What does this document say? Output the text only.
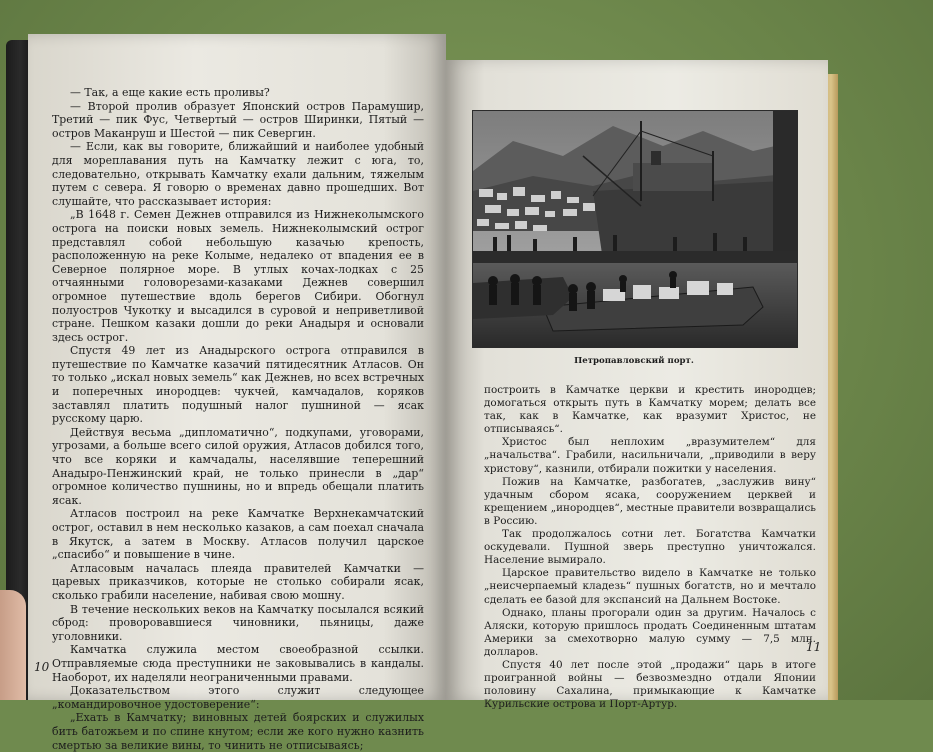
— Так, а еще какие есть проливы?

— Второй пролив образует Японский остров Парамушир, Третий — пик Фус, Четвертый — остров Ширинки, Пятый — остров Маканруш и Шестой — пик Севергин.

— Если, как вы говорите, ближайший и наиболее удобный для мореплавания путь на Камчатку лежит с юга, то, следовательно, открывать Камчатку ехали дальним, тяжелым путем с севера. Я говорю о временах давно прошедших. Вот слушайте, что рассказывает история:

„В 1648 г. Семен Дежнев отправился из Нижнеколымского острога на поиски новых земель. Нижнеколымский острог представлял собой небольшую казачью крепость, расположенную на реке Колыме, недалеко от впадения ее в Северное полярное море. В утлых кочах-лодках с 25 отчаянными головорезами-казаками Дежнев совершил огромное путешествие вдоль берегов Сибири. Обогнул полуостров Чукотку и высадился в суровой и неприветливой стране. Пешком казаки дошли до реки Анадыря и основали здесь острог.

Спустя 49 лет из Анадырского острога отправился в путешествие по Камчатке казачий пятидесятник Атласов. Он то только „искал новых земель“ как Дежнев, но всех встречных и поперечных инородцев: чукчей, камчадалов, коряков заставлял платить подушный налог пушниной — ясак русскому царю.

Действуя весьма „дипломатично“, подкупами, уговорами, угрозами, а больше всего силой оружия, Атласов добился того, что все коряки и камчадалы, населявшие теперешний Анадыро-Пенжинский край, не только принесли в „дар“ огромное количество пушнины, но и впредь обещали платить ясак.

Атласов построил на реке Камчатке Верхнекамчатский острог, оставил в нем несколько казаков, а сам поехал сначала в Якутск, а затем в Москву. Атласов получил царское „спасибо“ и повышение в чине.

Атласовым началась плеяда правителей Камчатки — царевых приказчиков, которые не столько собирали ясак, сколько грабили население, набивая свою мошну.

В течение нескольких веков на Камчатку посылался всякий сброд: проворовавшиеся чиновники, пьяницы, даже уголовники.

Камчатка служила местом своеобразной ссылки. Отправляемые сюда преступники не заковывались в кандалы. Наоборот, их наделяли неограниченными правами.

Доказательством этого служит следующее „командировочное удостоверение“:

„Ехать в Камчатку; виновных детей боярских и служилых бить батожьем и по спине кнутом; если же кого нужно казнить смертью за великие вины, то чинить не отписываясь;

10
Петропавловский порт.

построить в Камчатке церкви и крестить инородцев; домогаться открыть путь в Камчатку морем; делать все так, как в Камчатке, как вразумит Христос, не отписываясь“.

Христос был неплохим „вразумителем“ для „начальства“. Грабили, насильничали, „приводили в веру христову“, казнили, отбирали пожитки у населения.

Пожив на Камчатке, разбогатев, „заслужив вину“ удачным сбором ясака, сооружением церквей и крещением „инородцев“, местные правители возвращались в Россию.

Так продолжалось сотни лет. Богатства Камчатки оскудевали. Пушной зверь преступно уничтожался. Население вымирало.

Царское правительство видело в Камчатке не только „неисчерпаемый кладезь“ пушных богатств, но и мечтало сделать ее базой для экспансий на Дальнем Востоке.

Однако, планы прогорали один за другим. Началось с Аляски, которую пришлось продать Соединенным штатам Америки за смехотворно малую сумму — 7,5 млн. долларов.

Спустя 40 лет после этой „продажи“ царь в итоге проигранной войны — безвозмездно отдали Японии половину Сахалина, примыкающие к Камчатке Курильские острова и Порт-Артур.

11
